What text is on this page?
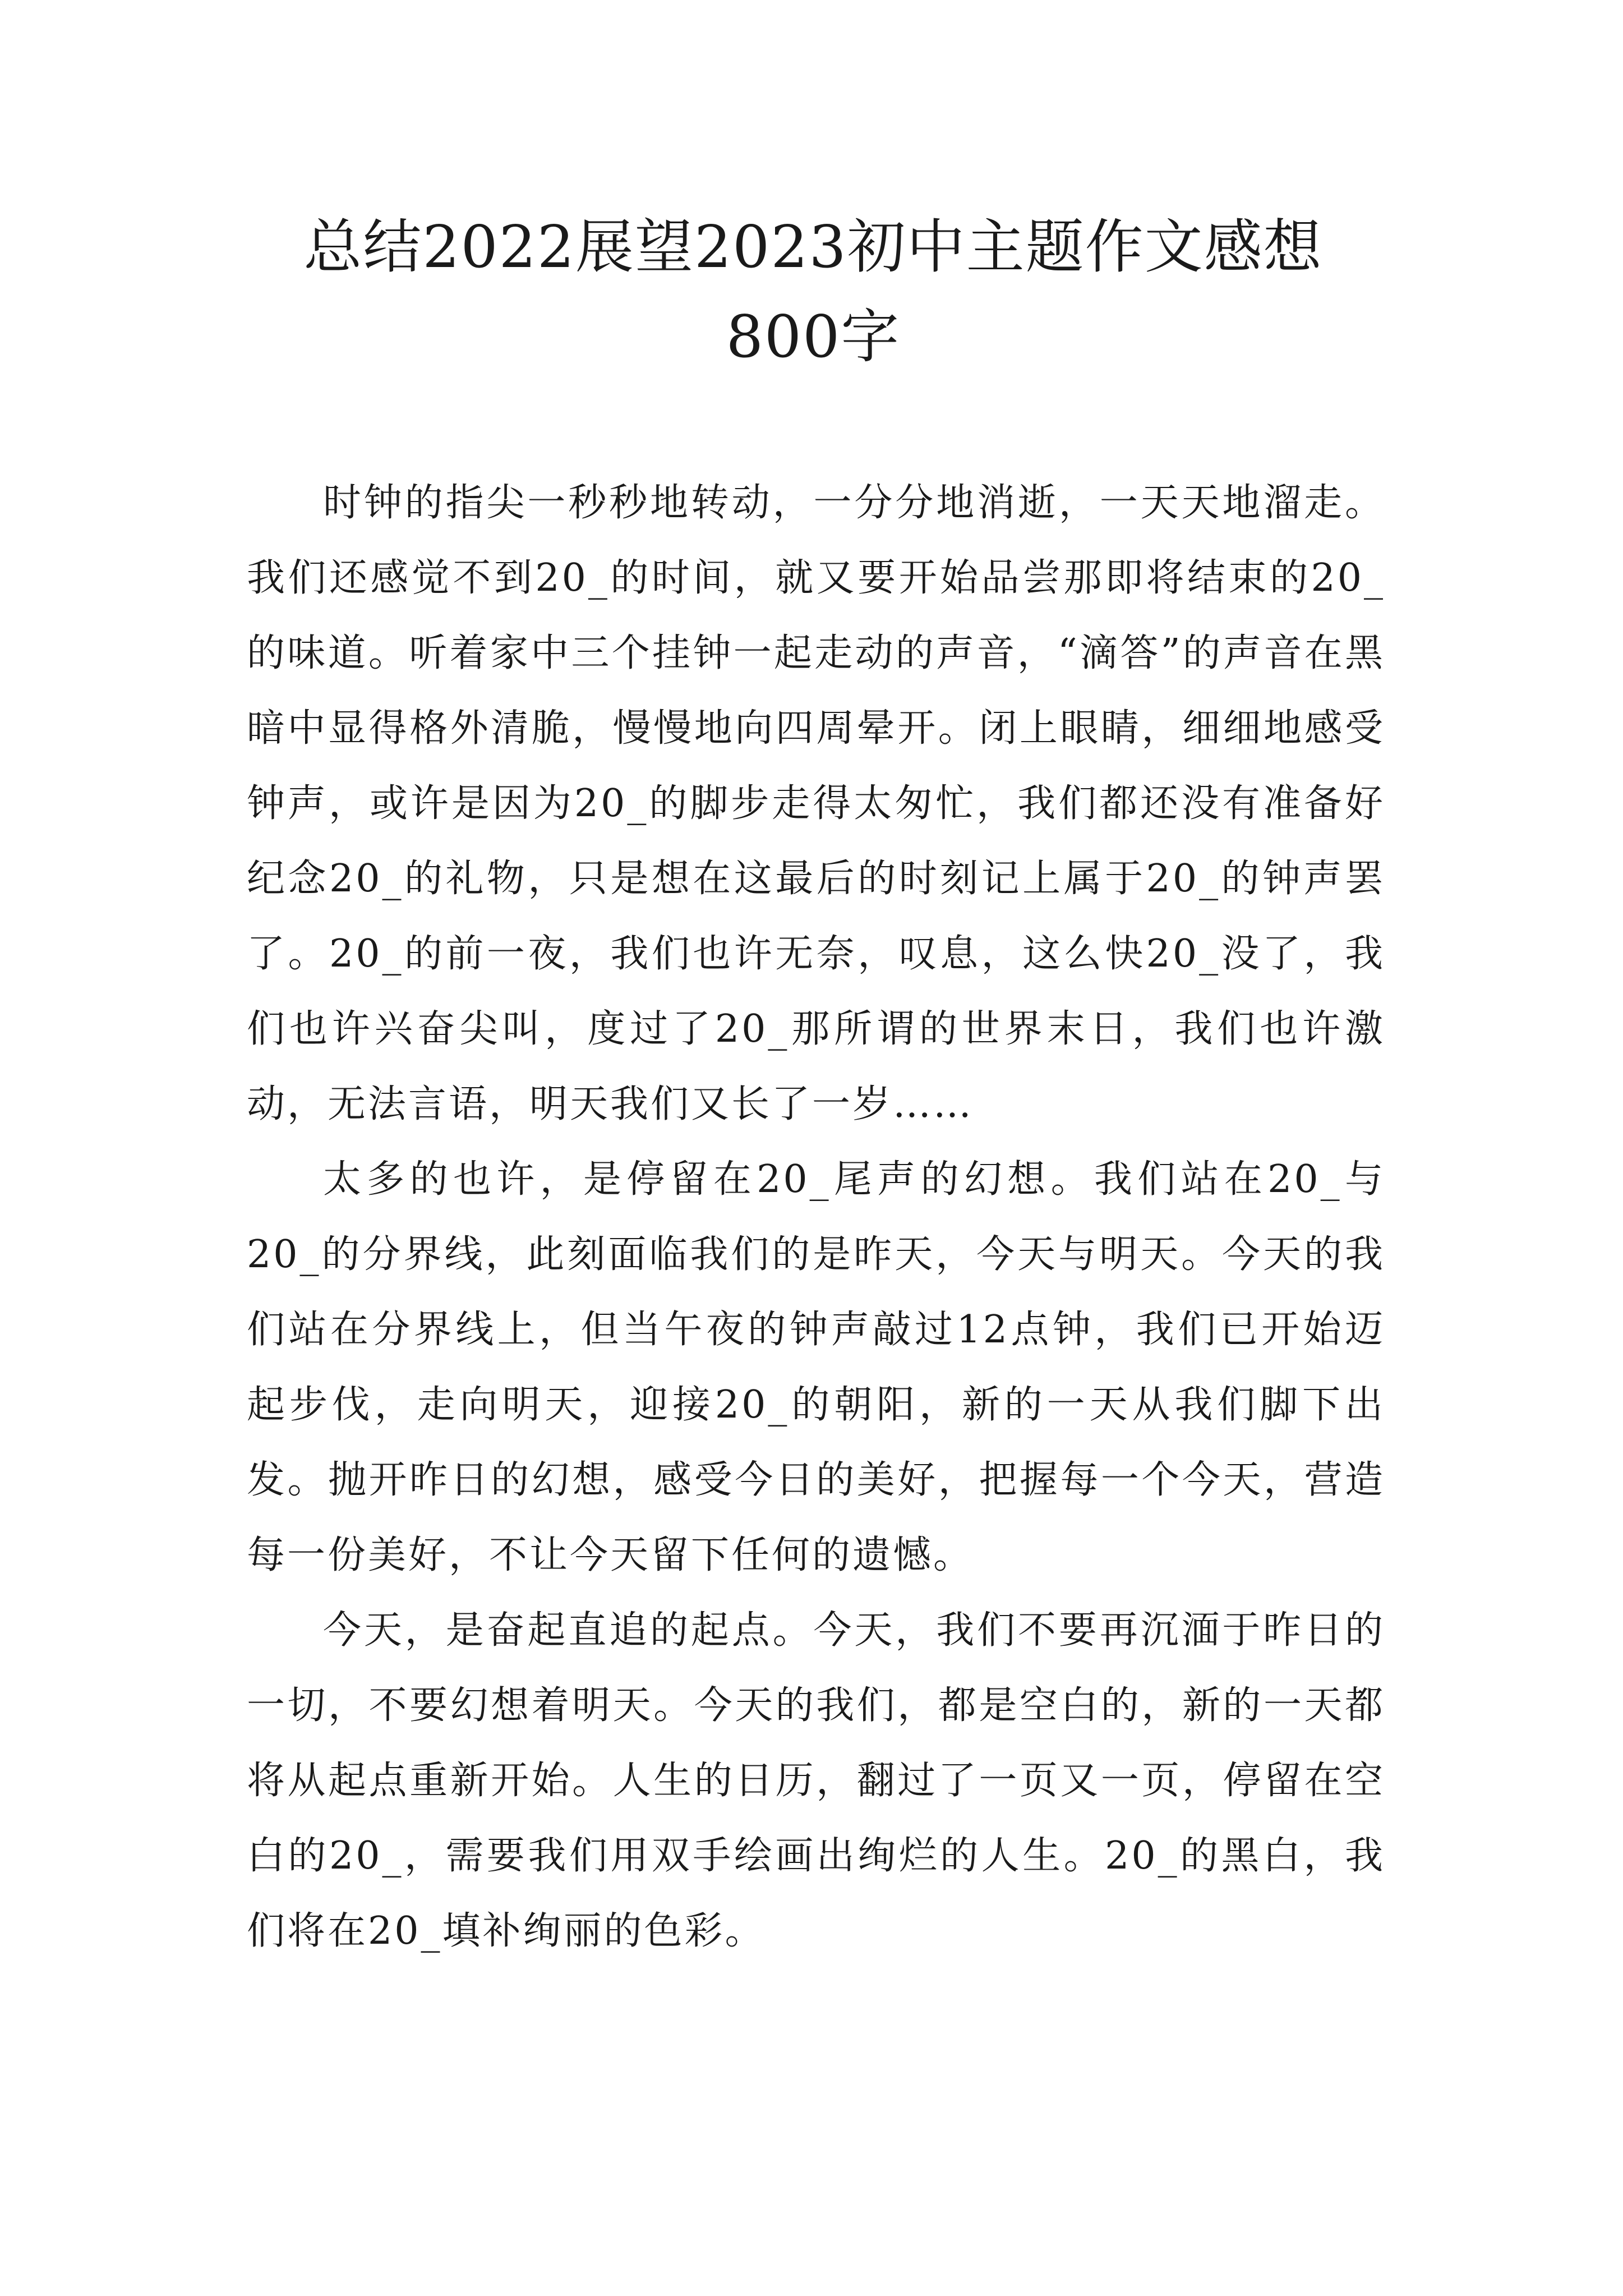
总结2022展望2023初中主题作文感想800字

时钟的指尖一秒秒地转动，一分分地消逝，一天天地溜走。我们还感觉不到20_的时间，就又要开始品尝那即将结束的20_的味道。听着家中三个挂钟一起走动的声音，“滴答”的声音在黑暗中显得格外清脆，慢慢地向四周晕开。闭上眼睛，细细地感受钟声，或许是因为20_的脚步走得太匆忙，我们都还没有准备好纪念20_的礼物，只是想在这最后的时刻记上属于20_的钟声罢了。20_的前一夜，我们也许无奈，叹息，这么快20_没了，我们也许兴奋尖叫，度过了20_那所谓的世界末日，我们也许激动，无法言语，明天我们又长了一岁……

太多的也许，是停留在20_尾声的幻想。我们站在20_与20_的分界线，此刻面临我们的是昨天，今天与明天。今天的我们站在分界线上，但当午夜的钟声敲过12点钟，我们已开始迈起步伐，走向明天，迎接20_的朝阳，新的一天从我们脚下出发。抛开昨日的幻想，感受今日的美好，把握每一个今天，营造每一份美好，不让今天留下任何的遗憾。

今天，是奋起直追的起点。今天，我们不要再沉湎于昨日的一切，不要幻想着明天。今天的我们，都是空白的，新的一天都将从起点重新开始。人生的日历，翻过了一页又一页，停留在空白的20_，需要我们用双手绘画出绚烂的人生。20_的黑白，我们将在20_填补绚丽的色彩。
